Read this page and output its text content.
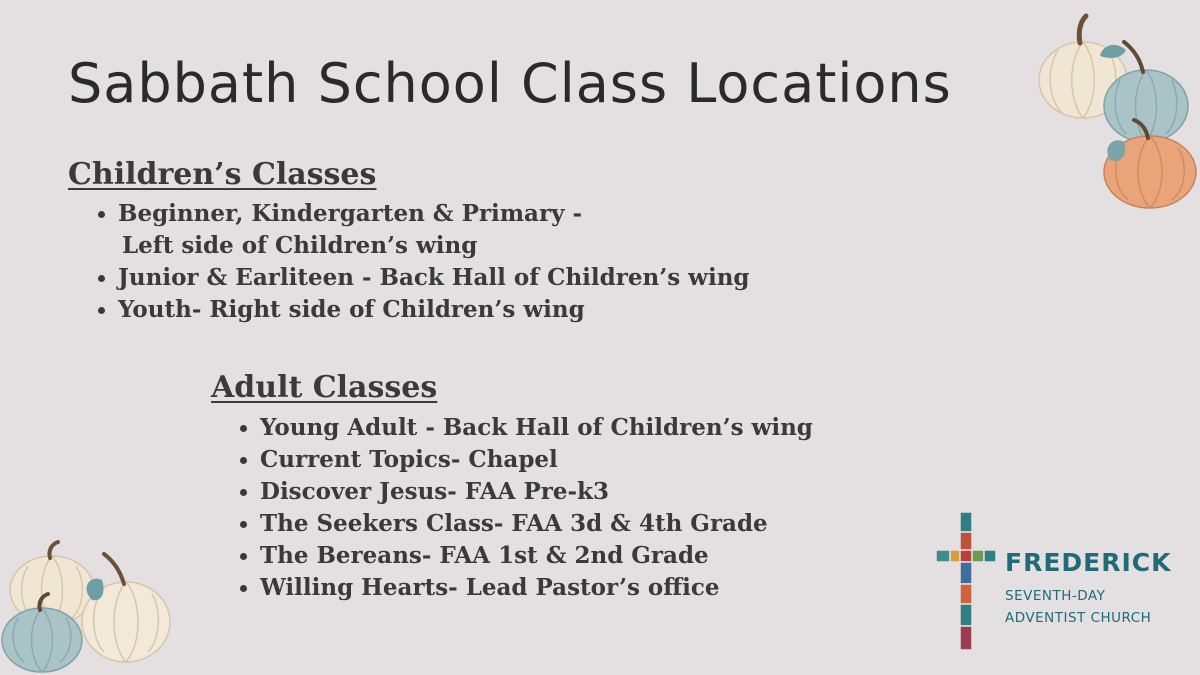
Sabbath School Class Locations
Children’s Classes
Beginner, Kindergarten & Primary -
Left side of Children’s wing
Junior & Earliteen - Back Hall of Children’s wing
Youth- Right side of Children’s wing
Adult Classes
Young Adult - Back Hall of Children’s wing
Current Topics- Chapel
Discover Jesus- FAA Pre-k3
The Seekers Class- FAA 3d & 4th Grade
The Bereans- FAA 1st & 2nd Grade
Willing Hearts- Lead Pastor’s office
FREDERICK
SEVENTH-DAY
ADVENTIST CHURCH
